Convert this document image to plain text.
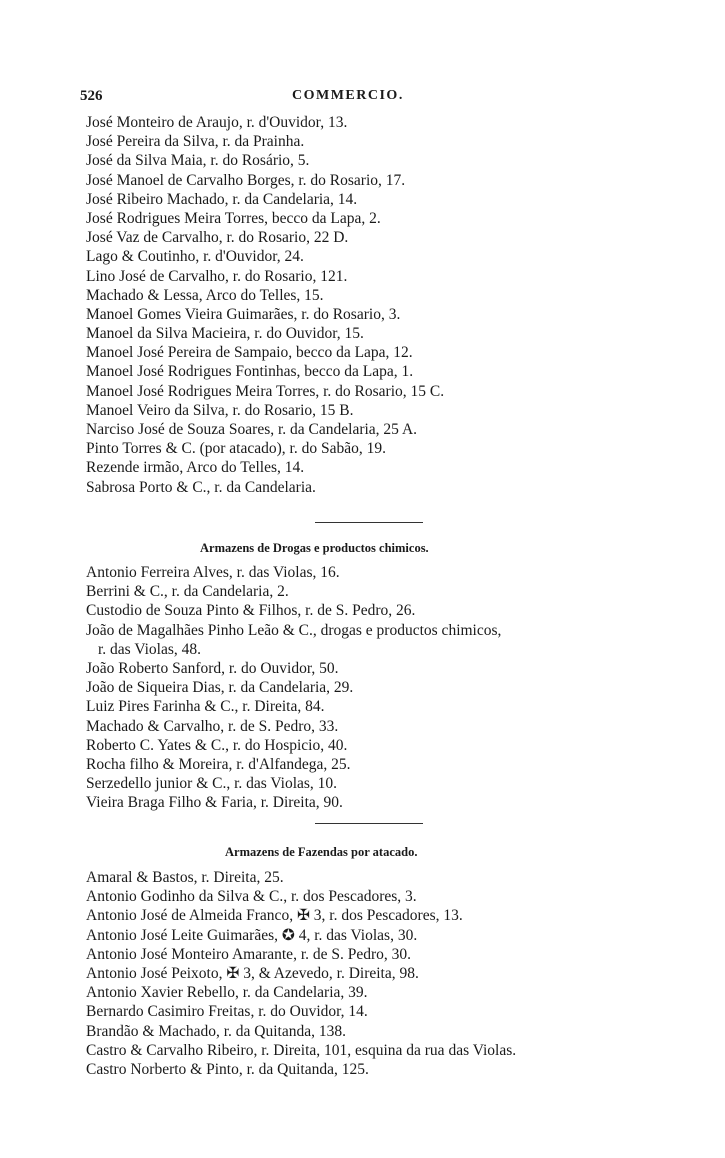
526	COMMERCIO.
José Monteiro de Araujo, r. d'Ouvidor, 13.
José Pereira da Silva, r. da Prainha.
José da Silva Maia, r. do Rosário, 5.
José Manoel de Carvalho Borges, r. do Rosario, 17.
José Ribeiro Machado, r. da Candelaria, 14.
José Rodrigues Meira Torres, becco da Lapa, 2.
José Vaz de Carvalho, r. do Rosario, 22 D.
Lago & Coutinho, r. d'Ouvidor, 24.
Lino José de Carvalho, r. do Rosario, 121.
Machado & Lessa, Arco do Telles, 15.
Manoel Gomes Vieira Guimarães, r. do Rosario, 3.
Manoel da Silva Macieira, r. do Ouvidor, 15.
Manoel José Pereira de Sampaio, becco da Lapa, 12.
Manoel José Rodrigues Fontinhas, becco da Lapa, 1.
Manoel José Rodrigues Meira Torres, r. do Rosario, 15 C.
Manoel Veiro da Silva, r. do Rosario, 15 B.
Narciso José de Souza Soares, r. da Candelaria, 25 A.
Pinto Torres & C. (por atacado), r. do Sabão, 19.
Rezende irmão, Arco do Telles, 14.
Sabrosa Porto & C., r. da Candelaria.
Armazens de Drogas e productos chimicos.
Antonio Ferreira Alves, r. das Violas, 16.
Berrini & C., r. da Candelaria, 2.
Custodio de Souza Pinto & Filhos, r. de S. Pedro, 26.
João de Magalhães Pinho Leão & C., drogas e productos chimicos,
r. das Violas, 48.
João Roberto Sanford, r. do Ouvidor, 50.
João de Siqueira Dias, r. da Candelaria, 29.
Luiz Pires Farinha & C., r. Direita, 84.
Machado & Carvalho, r. de S. Pedro, 33.
Roberto C. Yates & C., r. do Hospicio, 40.
Rocha filho & Moreira, r. d'Alfandega, 25.
Serzedello junior & C., r. das Violas, 10.
Vieira Braga Filho & Faria, r. Direita, 90.
Armazens de Fazendas por atacado.
Amaral & Bastos, r. Direita, 25.
Antonio Godinho da Silva & C., r. dos Pescadores, 3.
Antonio José de Almeida Franco, ✠ 3, r. dos Pescadores, 13.
Antonio José Leite Guimarães, ✪ 4, r. das Violas, 30.
Antonio José Monteiro Amarante, r. de S. Pedro, 30.
Antonio José Peixoto, ✠ 3, & Azevedo, r. Direita, 98.
Antonio Xavier Rebello, r. da Candelaria, 39.
Bernardo Casimiro Freitas, r. do Ouvidor, 14.
Brandão & Machado, r. da Quitanda, 138.
Castro & Carvalho Ribeiro, r. Direita, 101, esquina da rua das Violas.
Castro Norberto & Pinto, r. da Quitanda, 125.
